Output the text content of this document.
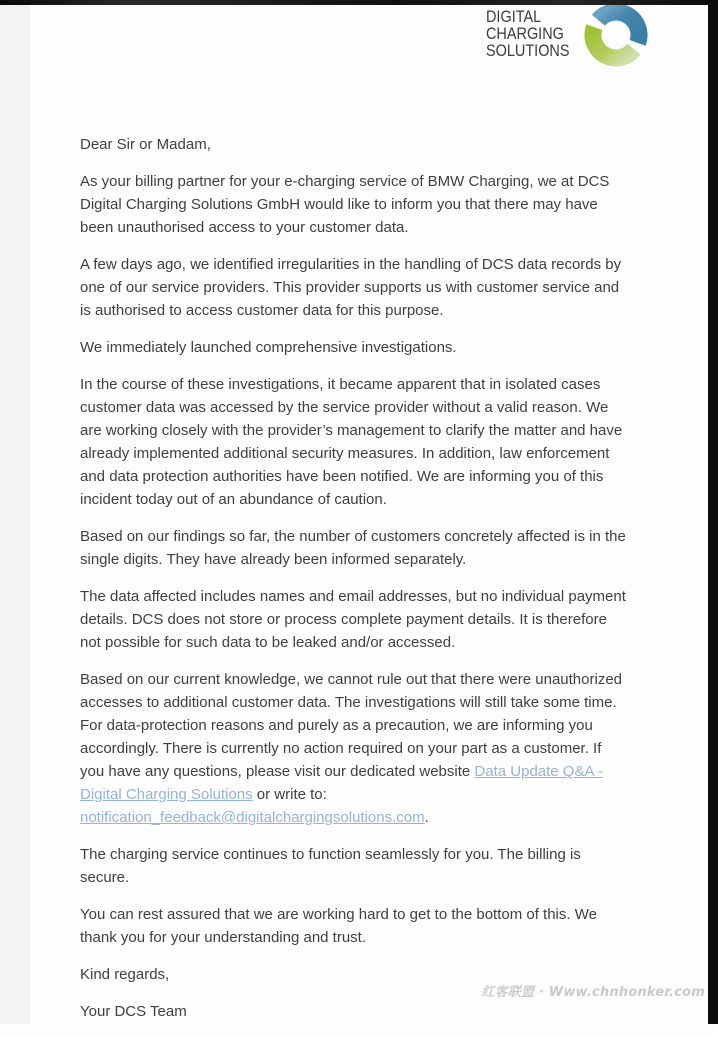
DIGITAL
CHARGING
SOLUTIONS

Dear Sir or Madam,

As your billing partner for your e-charging service of BMW Charging, we at DCS Digital Charging Solutions GmbH would like to inform you that there may have been unauthorised access to your customer data.

A few days ago, we identified irregularities in the handling of DCS data records by one of our service providers. This provider supports us with customer service and is authorised to access customer data for this purpose.

We immediately launched comprehensive investigations.

In the course of these investigations, it became apparent that in isolated cases customer data was accessed by the service provider without a valid reason. We are working closely with the provider’s management to clarify the matter and have already implemented additional security measures. In addition, law enforcement and data protection authorities have been notified. We are informing you of this incident today out of an abundance of caution.

Based on our findings so far, the number of customers concretely affected is in the single digits. They have already been informed separately.

The data affected includes names and email addresses, but no individual payment details. DCS does not store or process complete payment details. It is therefore not possible for such data to be leaked and/or accessed.

Based on our current knowledge, we cannot rule out that there were unauthorized accesses to additional customer data. The investigations will still take some time. For data-protection reasons and purely as a precaution, we are informing you accordingly. There is currently no action required on your part as a customer. If you have any questions, please visit our dedicated website Data Update Q&A - Digital Charging Solutions or write to: notification_feedback@digitalchargingsolutions.com.

The charging service continues to function seamlessly for you. The billing is secure.

You can rest assured that we are working hard to get to the bottom of this. We thank you for your understanding and trust.

Kind regards,

Your DCS Team

红客联盟 · Www.chnhonker.com
